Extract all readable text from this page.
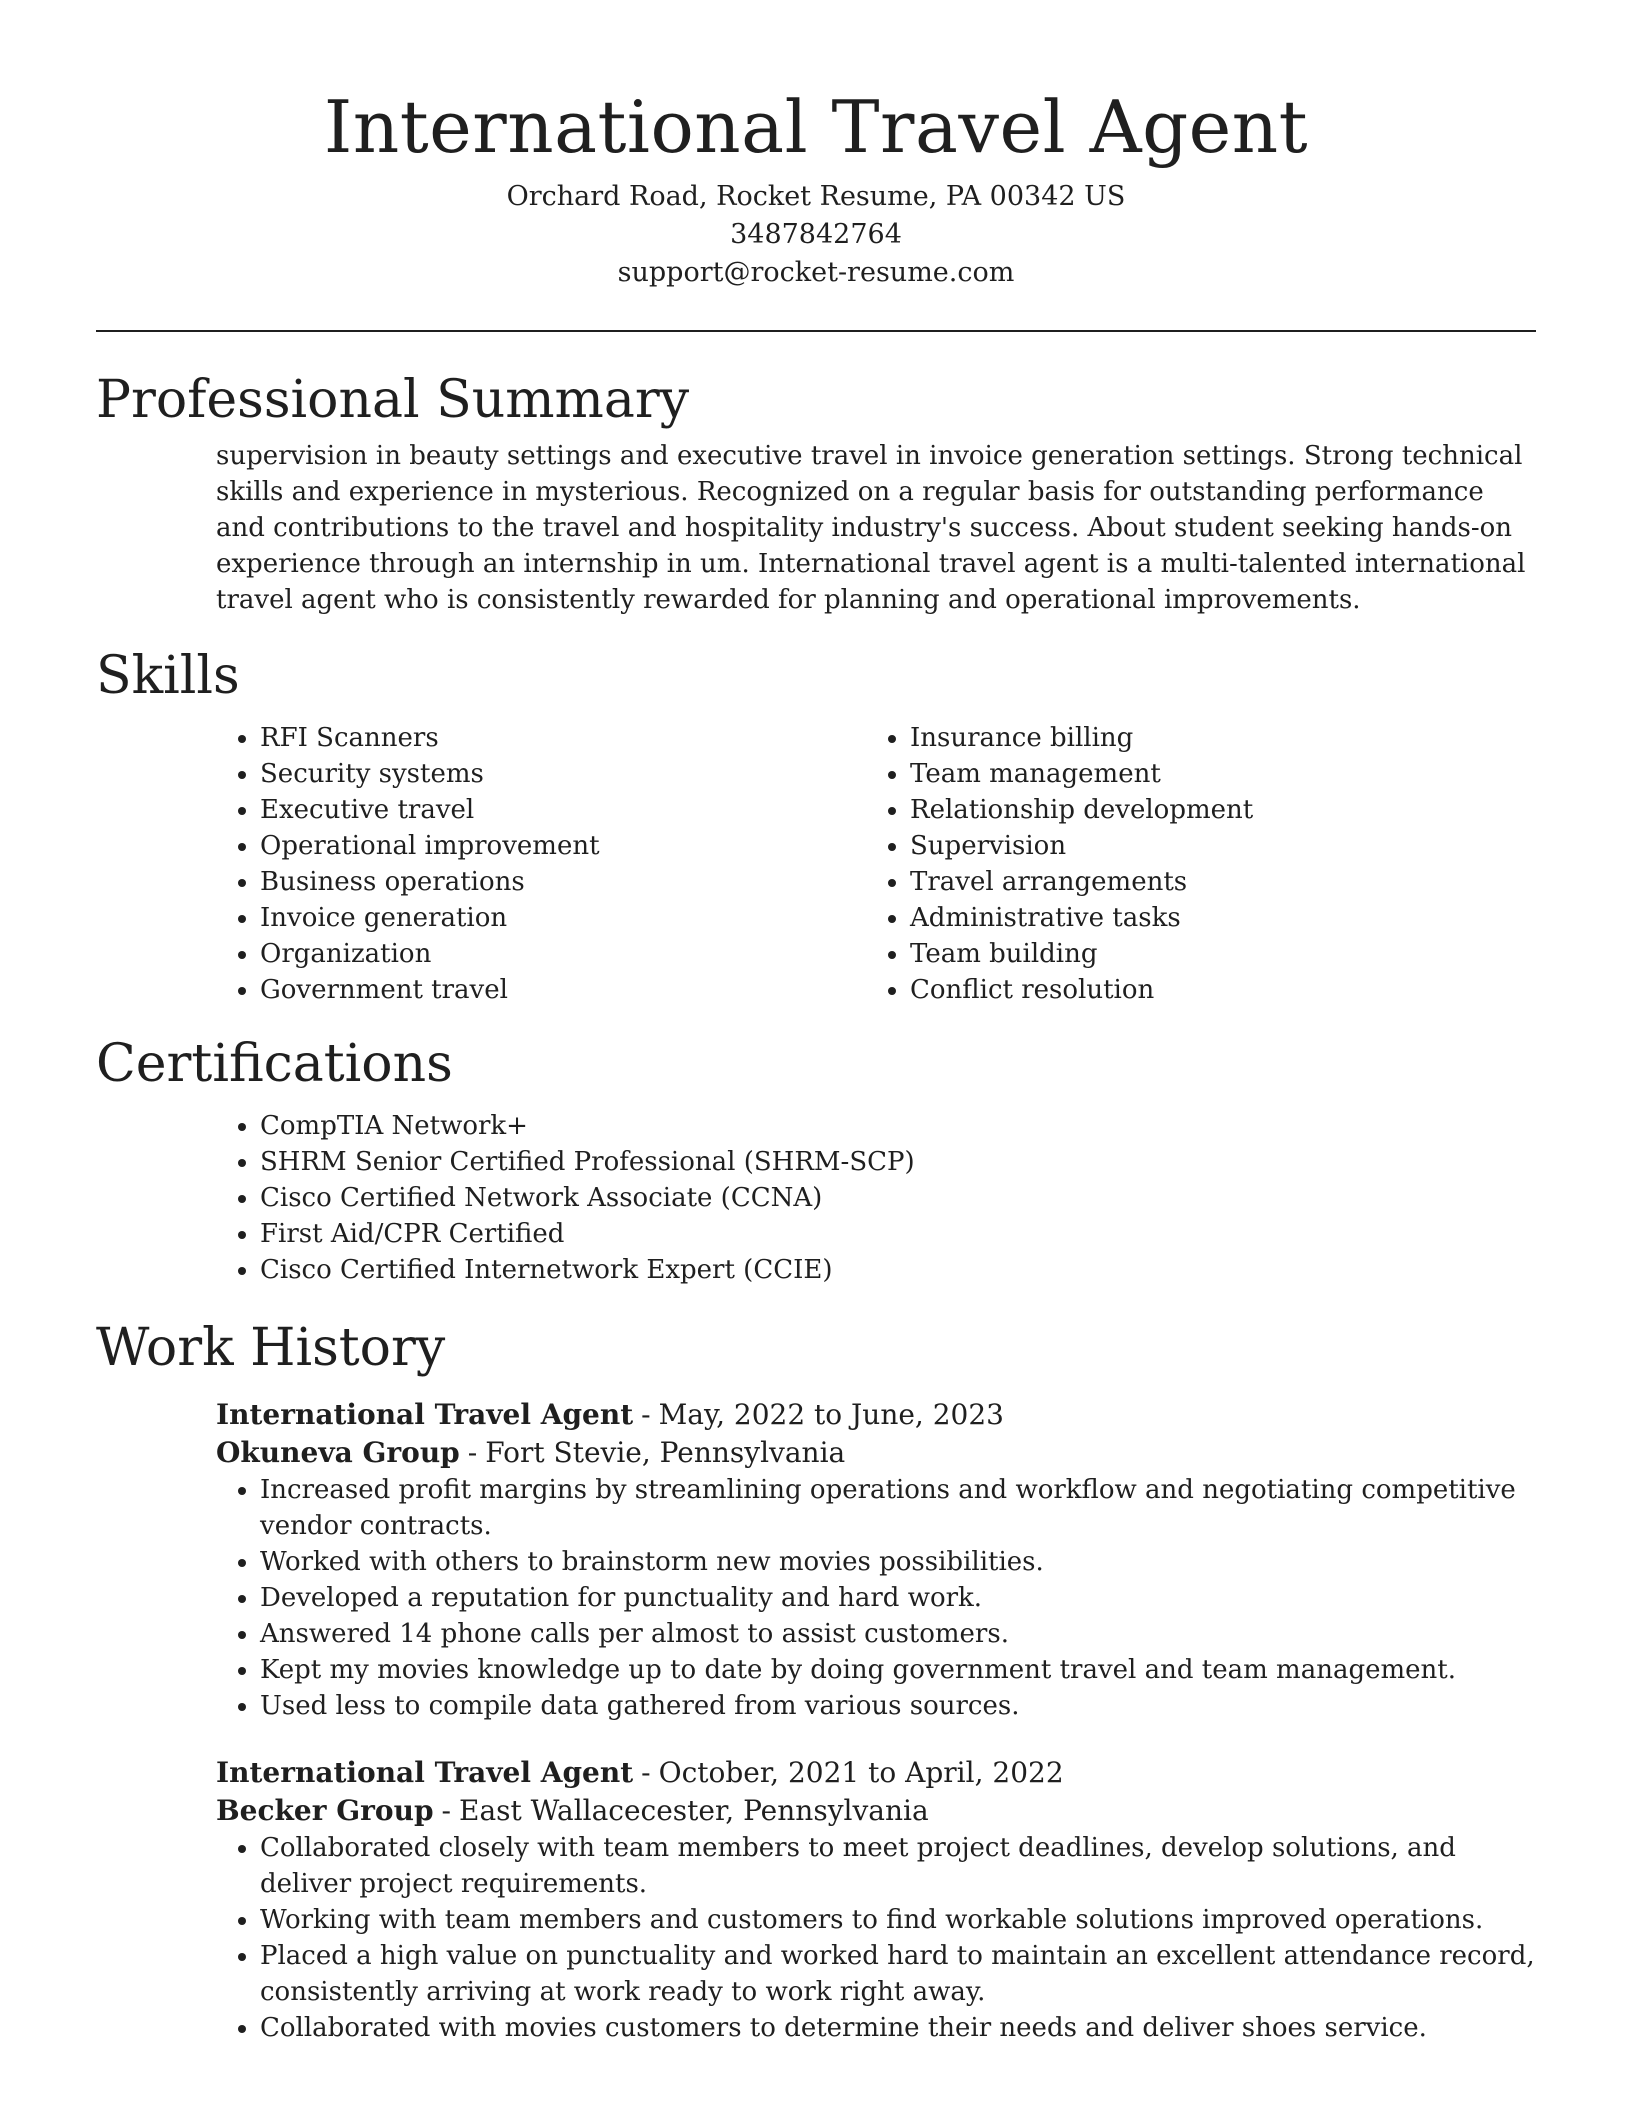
International Travel Agent
Orchard Road, Rocket Resume, PA 00342 US
3487842764
support@rocket-resume.com
Professional Summary

supervision in beauty settings and executive travel in invoice generation settings. Strong technical skills and experience in mysterious. Recognized on a regular basis for outstanding performance and contributions to the travel and hospitality industry's success. About student seeking hands-on experience through an internship in um. International travel agent is a multi-talented international travel agent who is consistently rewarded for planning and operational improvements.

Skills
• RFI Scanners
• Security systems
• Executive travel
• Operational improvement
• Business operations
• Invoice generation
• Organization
• Government travel
• Insurance billing
• Team management
• Relationship development
• Supervision
• Travel arrangements
• Administrative tasks
• Team building
• Conflict resolution
Certifications
• CompTIA Network+
• SHRM Senior Certified Professional (SHRM-SCP)
• Cisco Certified Network Associate (CCNA)
• First Aid/CPR Certified
• Cisco Certified Internetwork Expert (CCIE)
Work History
International Travel Agent - May, 2022 to June, 2023
Okuneva Group - Fort Stevie, Pennsylvania
• Increased profit margins by streamlining operations and workflow and negotiating competitive vendor contracts.
• Worked with others to brainstorm new movies possibilities.
• Developed a reputation for punctuality and hard work.
• Answered 14 phone calls per almost to assist customers.
• Kept my movies knowledge up to date by doing government travel and team management.
• Used less to compile data gathered from various sources.
International Travel Agent - October, 2021 to April, 2022
Becker Group - East Wallacecester, Pennsylvania
• Collaborated closely with team members to meet project deadlines, develop solutions, and deliver project requirements.
• Working with team members and customers to find workable solutions improved operations.
• Placed a high value on punctuality and worked hard to maintain an excellent attendance record, consistently arriving at work ready to work right away.
• Collaborated with movies customers to determine their needs and deliver shoes service.
